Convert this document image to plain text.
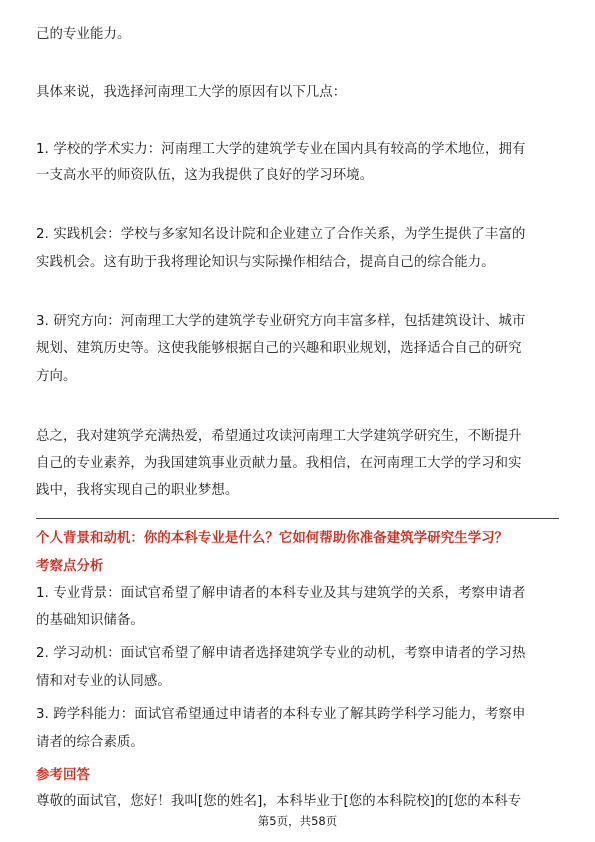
己的专业能力。
具体来说，我选择河南理工大学的原因有以下几点：
1. 学校的学术实力：河南理工大学的建筑学专业在国内具有较高的学术地位，拥有
一支高水平的师资队伍，这为我提供了良好的学习环境。
2. 实践机会：学校与多家知名设计院和企业建立了合作关系，为学生提供了丰富的
实践机会。这有助于我将理论知识与实际操作相结合，提高自己的综合能力。
3. 研究方向：河南理工大学的建筑学专业研究方向丰富多样，包括建筑设计、城市
规划、建筑历史等。这使我能够根据自己的兴趣和职业规划，选择适合自己的研究
方向。
总之，我对建筑学充满热爱，希望通过攻读河南理工大学建筑学研究生，不断提升
自己的专业素养，为我国建筑事业贡献力量。我相信，在河南理工大学的学习和实
践中，我将实现自己的职业梦想。
个人背景和动机：你的本科专业是什么？它如何帮助你准备建筑学研究生学习？
考察点分析
1. 专业背景：面试官希望了解申请者的本科专业及其与建筑学的关系，考察申请者
的基础知识储备。
2. 学习动机：面试官希望了解申请者选择建筑学专业的动机，考察申请者的学习热
情和对专业的认同感。
3. 跨学科能力：面试官希望通过申请者的本科专业了解其跨学科学习能力，考察申
请者的综合素质。
参考回答
尊敬的面试官，您好！我叫[您的姓名]，本科毕业于[您的本科院校]的[您的本科专
第5页，共58页
